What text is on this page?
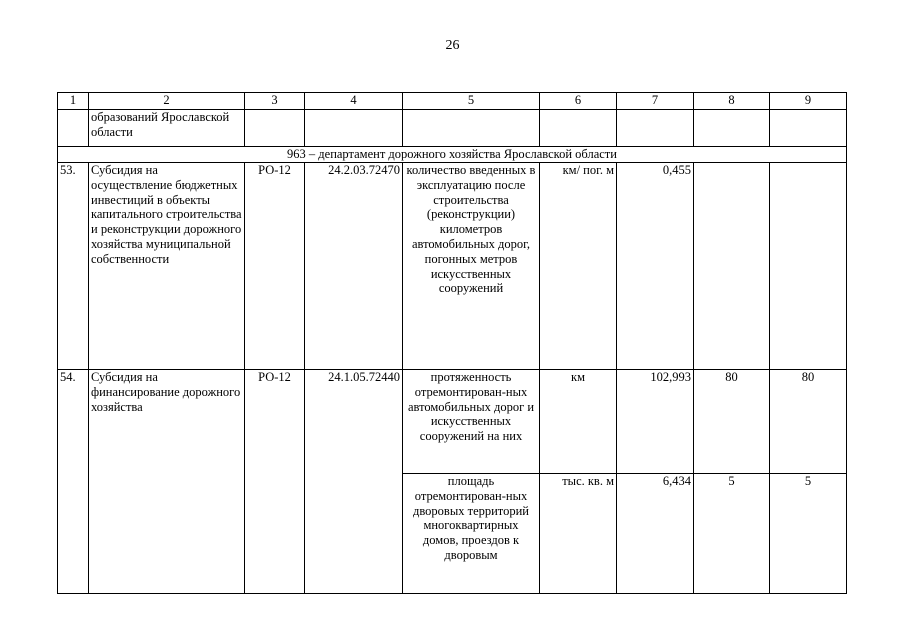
26
1	2	3	4	5	6	7	8	9
	образований Ярославской области							
963 – департамент дорожного хозяйства Ярославской области								
53.	Субсидия на осуществление бюджетных инвестиций в объекты капитального строительства и реконструкции дорожного хозяйства муниципальной собственности	РО-12	24.2.03.72470	количество введенных в эксплуатацию после строительства (реконструкции) километров автомобильных дорог, погонных метров искусственных сооружений	км/ пог. м	0,455		
54.	Субсидия на финансирование дорожного хозяйства	РО-12	24.1.05.72440	протяженность отремонтирован-ных автомобильных дорог и искусственных сооружений на них	км	102,993	80	80
				площадь отремонтирован-ных дворовых территорий многоквартирных домов, проездов к дворовым	тыс. кв. м	6,434	5	5
